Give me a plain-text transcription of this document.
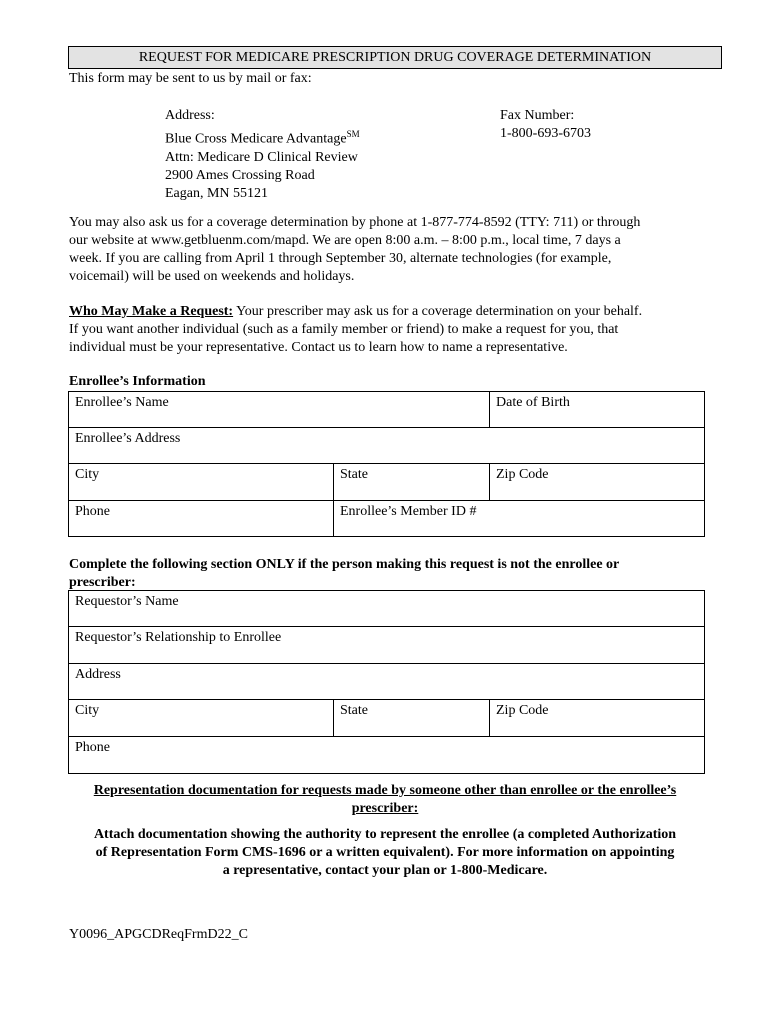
REQUEST FOR MEDICARE PRESCRIPTION DRUG COVERAGE DETERMINATION
This form may be sent to us by mail or fax:
Address:
Blue Cross Medicare Advantage℠
Attn: Medicare D Clinical Review
2900 Ames Crossing Road
Eagan, MN 55121
Fax Number:
1-800-693-6703
You may also ask us for a coverage determination by phone at 1-877-774-8592 (TTY: 711) or through
our website at www.getbluenm.com/mapd. We are open 8:00 a.m. – 8:00 p.m., local time, 7 days a
week. If you are calling from April 1 through September 30, alternate technologies (for example,
voicemail) will be used on weekends and holidays.
Who May Make a Request: Your prescriber may ask us for a coverage determination on your behalf.
If you want another individual (such as a family member or friend) to make a request for you, that
individual must be your representative. Contact us to learn how to name a representative.
Enrollee’s Information
Enrollee’s Name		Date of Birth
Enrollee’s Address		
City	State	Zip Code
Phone	Enrollee’s Member ID #	
Complete the following section ONLY if the person making this request is not the enrollee or
prescriber:
Requestor’s Name
Requestor’s Relationship to Enrollee
Address
City	State	Zip Code
Phone
Representation documentation for requests made by someone other than enrollee or the enrollee’s
prescriber:
Attach documentation showing the authority to represent the enrollee (a completed Authorization
of Representation Form CMS-1696 or a written equivalent). For more information on appointing
a representative, contact your plan or 1-800-Medicare.
Y0096_APGCDReqFrmD22_C
